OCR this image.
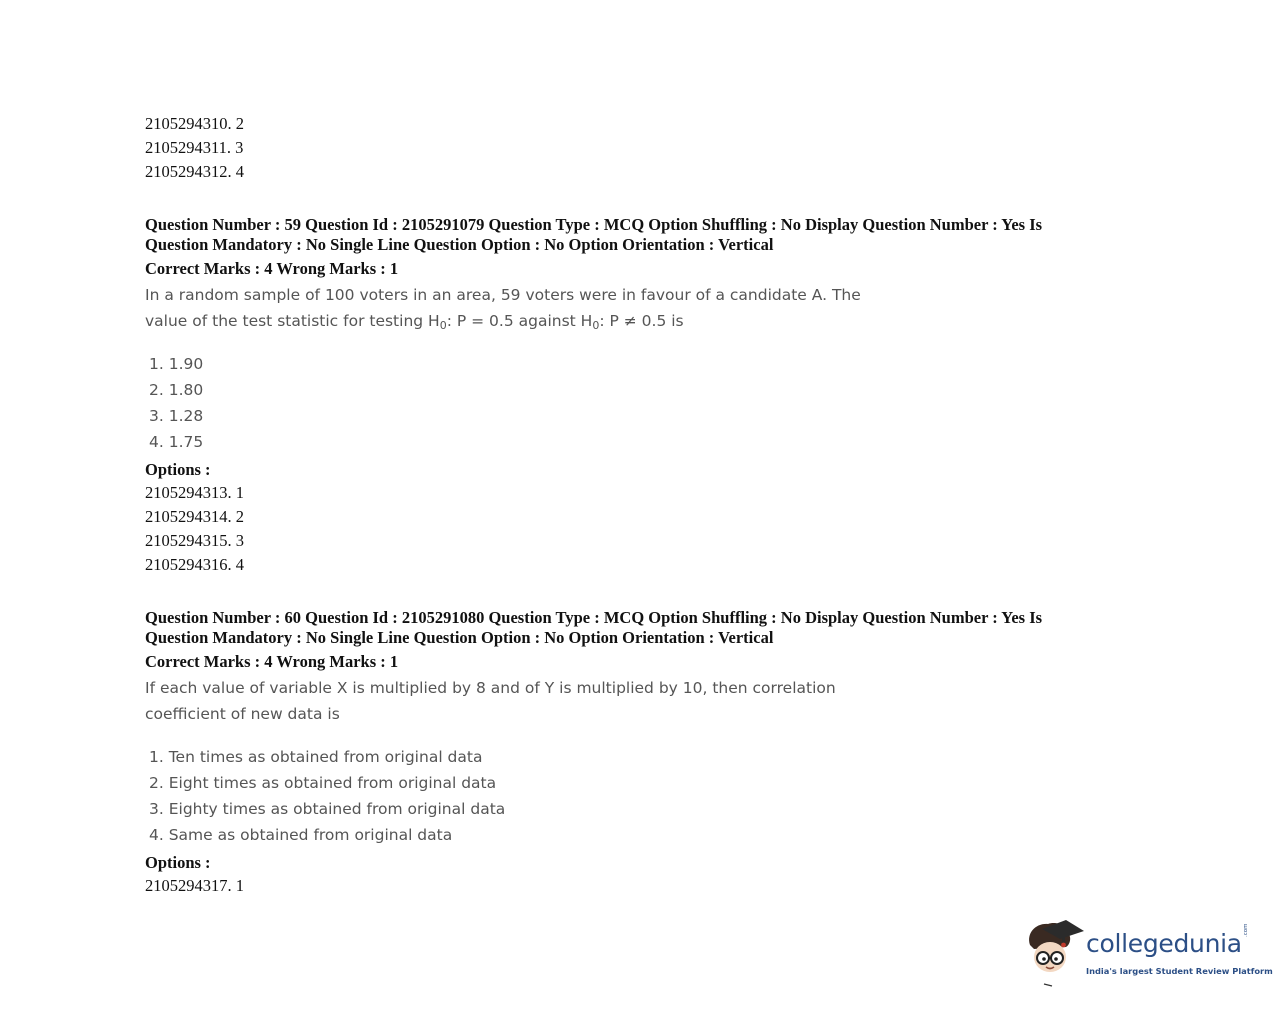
2105294310. 2
2105294311. 3
2105294312. 4
Question Number : 59 Question Id : 2105291079 Question Type : MCQ Option Shuffling : No Display Question Number : Yes Is
Question Mandatory : No Single Line Question Option : No Option Orientation : Vertical
Correct Marks : 4 Wrong Marks : 1
In a random sample of 100 voters in an area, 59 voters were in favour of a candidate A. The
value of the test statistic for testing $H_0$: P = 0.5 against $H_0$: P ≠ 0.5 is
1. 1.90
2. 1.80
3. 1.28
4. 1.75
Options :
2105294313. 1
2105294314. 2
2105294315. 3
2105294316. 4
Question Number : 60 Question Id : 2105291080 Question Type : MCQ Option Shuffling : No Display Question Number : Yes Is
Question Mandatory : No Single Line Question Option : No Option Orientation : Vertical
Correct Marks : 4 Wrong Marks : 1
If each value of variable X is multiplied by 8 and of Y is multiplied by 10, then correlation
coefficient of new data is
1. Ten times as obtained from original data
2. Eight times as obtained from original data
3. Eighty times as obtained from original data
4. Same as obtained from original data
Options :
2105294317. 1
collegedunia .com
India's largest Student Review Platform
